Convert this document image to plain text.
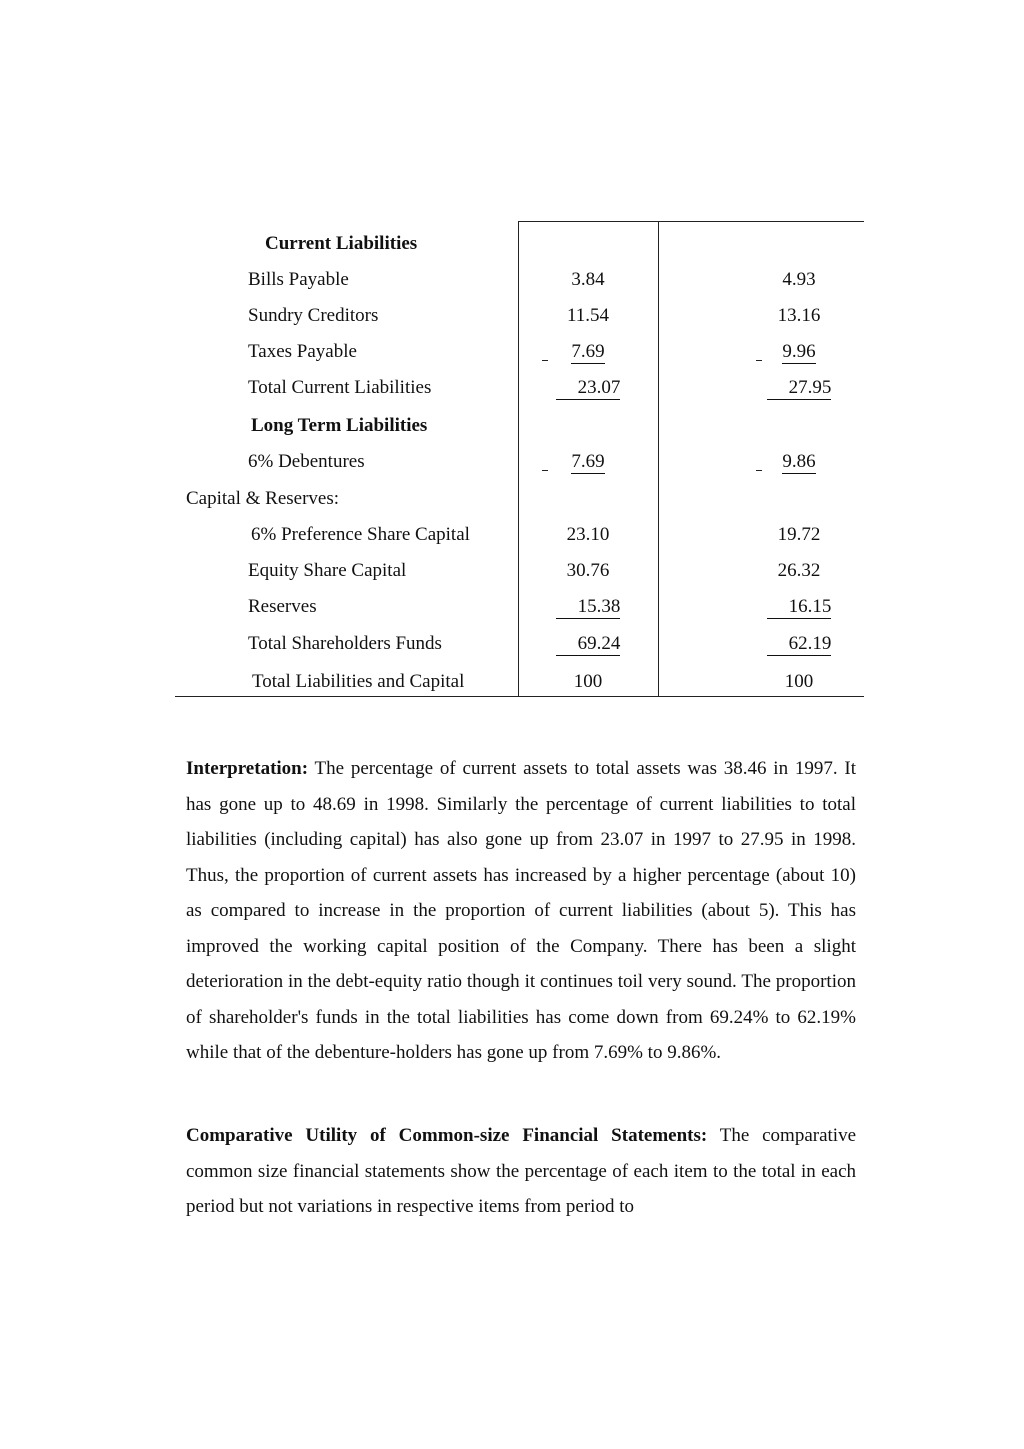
Current Liabilities
Bills Payable	3.84	4.93
Sundry Creditors	11.54	13.16
Taxes Payable	7.69	9.96
Total Current Liabilities	23.07	27.95
Long Term Liabilities
6% Debentures	7.69	9.86
Capital & Reserves:
6% Preference Share Capital	23.10	19.72
Equity Share Capital	30.76	26.32
Reserves	15.38	16.15
Total Shareholders Funds	69.24	62.19
Total Liabilities and Capital	100	100
Interpretation: The percentage of current assets to total assets was 38.46 in 1997. It has gone up to 48.69 in 1998. Similarly the percentage of current liabilities to total liabilities (including capital) has also gone up from 23.07 in 1997 to 27.95 in 1998. Thus, the proportion of current assets has increased by a higher percentage (about 10) as compared to increase in the proportion of current liabilities (about 5). This has improved the working capital position of the Company. There has been a slight deterioration in the debt-equity ratio though it continues toil very sound. The proportion of shareholder's funds in the total liabilities has come down from 69.24% to 62.19% while that of the debenture-holders has gone up from 7.69% to 9.86%.
Comparative Utility of Common-size Financial Statements: The comparative common size financial statements show the percentage of each item to the total in each period but not variations in respective items from period to
